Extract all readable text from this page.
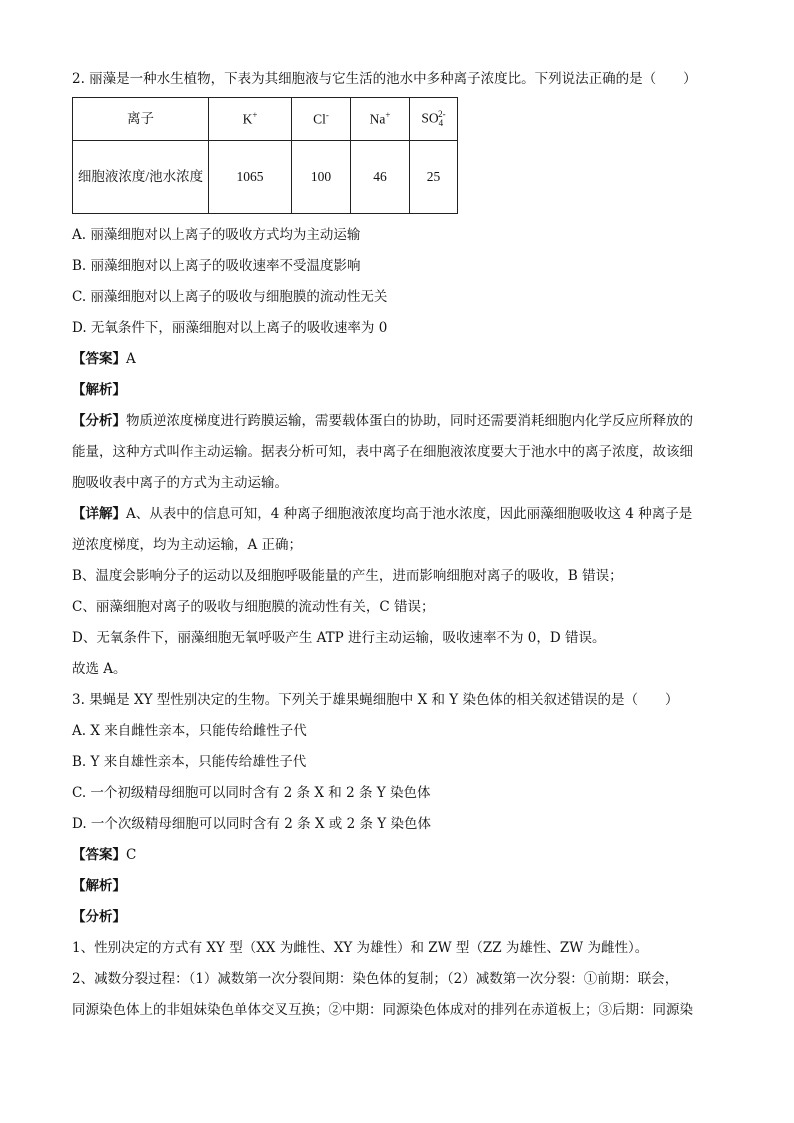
2. 丽藻是一种水生植物，下表为其细胞液与它生活的池水中多种离子浓度比。下列说法正确的是（　　）
离子	K+	Cl-	Na+	$SO_4^{2-}$
细胞液浓度/池水浓度	1065	100	46	25
A. 丽藻细胞对以上离子的吸收方式均为主动运输
B. 丽藻细胞对以上离子的吸收速率不受温度影响
C. 丽藻细胞对以上离子的吸收与细胞膜的流动性无关
D. 无氧条件下，丽藻细胞对以上离子的吸收速率为 0
【答案】A
【解析】
【分析】物质逆浓度梯度进行跨膜运输，需要载体蛋白的协助，同时还需要消耗细胞内化学反应所释放的
能量，这种方式叫作主动运输。据表分析可知，表中离子在细胞液浓度要大于池水中的离子浓度，故该细
胞吸收表中离子的方式为主动运输。
【详解】A、从表中的信息可知，4 种离子细胞液浓度均高于池水浓度，因此丽藻细胞吸收这 4 种离子是
逆浓度梯度，均为主动运输，A 正确；
B、温度会影响分子的运动以及细胞呼吸能量的产生，进而影响细胞对离子的吸收，B 错误；
C、丽藻细胞对离子的吸收与细胞膜的流动性有关，C 错误；
D、无氧条件下，丽藻细胞无氧呼吸产生 ATP 进行主动运输，吸收速率不为 0，D 错误。
故选 A。
3. 果蝇是 XY 型性别决定的生物。下列关于雄果蝇细胞中 X 和 Y 染色体的相关叙述错误的是（　　）
A. X 来自雌性亲本，只能传给雌性子代
B. Y 来自雄性亲本，只能传给雄性子代
C. 一个初级精母细胞可以同时含有 2 条 X 和 2 条 Y 染色体
D. 一个次级精母细胞可以同时含有 2 条 X 或 2 条 Y 染色体
【答案】C
【解析】
【分析】
1、性别决定的方式有 XY 型（XX 为雌性、XY 为雄性）和 ZW 型（ZZ 为雄性、ZW 为雌性）。
2、减数分裂过程：（1）减数第一次分裂间期：染色体的复制；（2）减数第一次分裂：①前期：联会，
同源染色体上的非姐妹染色单体交叉互换；②中期：同源染色体成对的排列在赤道板上；③后期：同源染
